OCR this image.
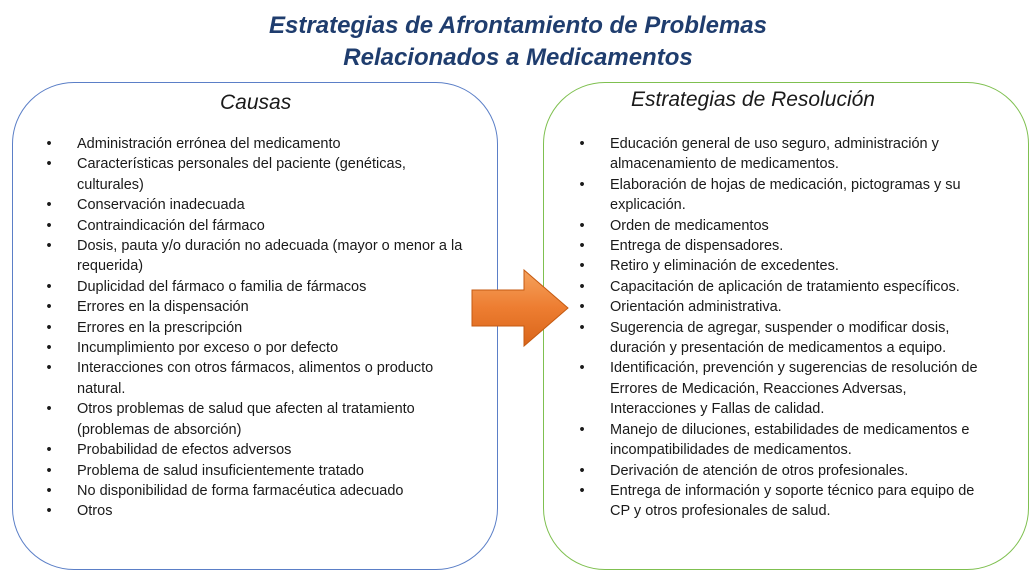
Estrategias de Afrontamiento de Problemas
Relacionados a Medicamentos
Causas
• Administración errónea del medicamento
• Características personales del paciente (genéticas, culturales)
• Conservación inadecuada
• Contraindicación del fármaco
• Dosis, pauta y/o duración no adecuada (mayor o menor a la requerida)
• Duplicidad del fármaco o familia de fármacos
• Errores en la dispensación
• Errores en la prescripción
• Incumplimiento por exceso o por defecto
• Interacciones con otros fármacos, alimentos o producto natural.
• Otros problemas de salud que afecten al tratamiento (problemas de absorción)
• Probabilidad de efectos adversos
• Problema de salud insuficientemente tratado
• No disponibilidad de forma farmacéutica adecuado
• Otros
Estrategias de Resolución
• Educación general de uso seguro, administración y almacenamiento de medicamentos.
• Elaboración de hojas de medicación, pictogramas y su explicación.
• Orden de medicamentos
• Entrega de dispensadores.
• Retiro y eliminación de excedentes.
• Capacitación de aplicación de tratamiento específicos.
• Orientación administrativa.
• Sugerencia de agregar, suspender o modificar dosis, duración y presentación de medicamentos a equipo.
• Identificación, prevención y sugerencias de resolución de Errores de Medicación, Reacciones Adversas, Interacciones y Fallas de calidad.
• Manejo de diluciones, estabilidades de medicamentos e incompatibilidades de medicamentos.
• Derivación de atención de otros profesionales.
• Entrega de información y soporte técnico para equipo de CP y otros profesionales de salud.
